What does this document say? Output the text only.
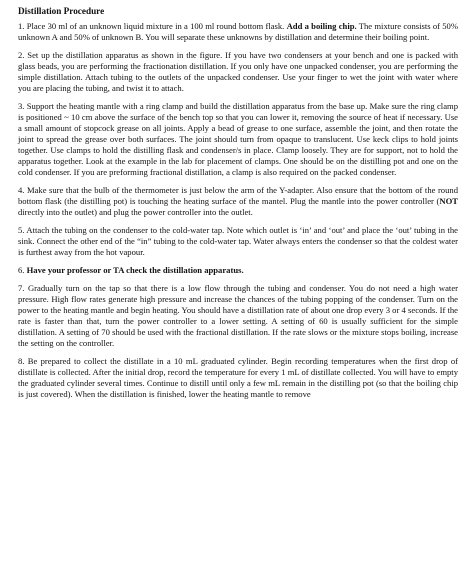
Distillation Procedure

1. Place 30 ml of an unknown liquid mixture in a 100 ml round bottom flask. Add a boiling chip. The mixture consists of 50% unknown A and 50% of unknown B. You will separate these unknowns by distillation and determine their boiling point.

2. Set up the distillation apparatus as shown in the figure. If you have two condensers at your bench and one is packed with glass beads, you are performing the fractionation distillation. If you only have one unpacked condenser, you are performing the simple distillation. Attach tubing to the outlets of the unpacked condenser. Use your finger to wet the joint with water where you are placing the tubing, and twist it to attach.

3. Support the heating mantle with a ring clamp and build the distillation apparatus from the base up. Make sure the ring clamp is positioned ~ 10 cm above the surface of the bench top so that you can lower it, removing the source of heat if necessary. Use a small amount of stopcock grease on all joints. Apply a bead of grease to one surface, assemble the joint, and then rotate the joint to spread the grease over both surfaces. The joint should turn from opaque to translucent. Use keck clips to hold joints together. Use clamps to hold the distilling flask and condenser/s in place. Clamp loosely. They are for support, not to hold the apparatus together. Look at the example in the lab for placement of clamps. One should be on the distilling pot and one on the cold condenser. If you are preforming fractional distillation, a clamp is also required on the packed condenser.

4. Make sure that the bulb of the thermometer is just below the arm of the Y-adapter. Also ensure that the bottom of the round bottom flask (the distilling pot) is touching the heating surface of the mantel. Plug the mantle into the power controller (NOT directly into the outlet) and plug the power controller into the outlet.

5. Attach the tubing on the condenser to the cold-water tap. Note which outlet is ‘in’ and ‘out’ and place the ‘out’ tubing in the sink. Connect the other end of the “in” tubing to the cold-water tap. Water always enters the condenser so that the coldest water is furthest away from the hot vapour.

6. Have your professor or TA check the distillation apparatus.

7. Gradually turn on the tap so that there is a low flow through the tubing and condenser. You do not need a high water pressure. High flow rates generate high pressure and increase the chances of the tubing popping of the condenser. Turn on the power to the heating mantle and begin heating. You should have a distillation rate of about one drop every 3 or 4 seconds. If the rate is faster than that, turn the power controller to a lower setting. A setting of 60 is usually sufficient for the simple distillation. A setting of 70 should be used with the fractional distillation. If the rate slows or the mixture stops boiling, increase the setting on the controller.

8. Be prepared to collect the distillate in a 10 mL graduated cylinder. Begin recording temperatures when the first drop of distillate is collected. After the initial drop, record the temperature for every 1 mL of distillate collected. You will have to empty the graduated cylinder several times. Continue to distill until only a few mL remain in the distilling pot (so that the boiling chip is just covered). When the distillation is finished, lower the heating mantle to remove
